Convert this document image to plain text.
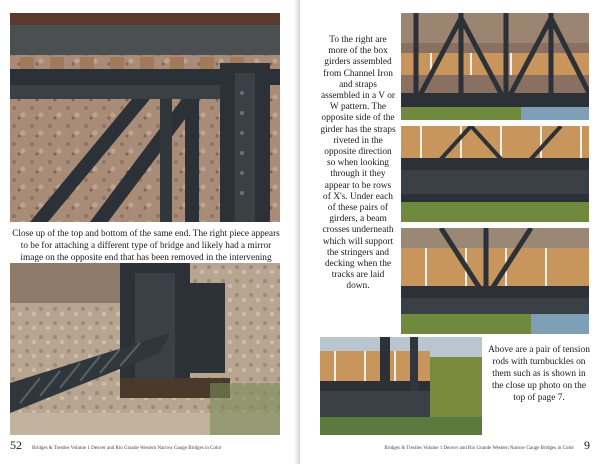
Close up of the top and bottom of the same end. The right piece appears to be for attaching a different type of bridge and likely had a mirror image on the opposite end that has been removed in the intervening
52 Bridges & Trestles Volume 1 Denver and Rio Grande Western Narrow Gauge Bridges in Color
To the right are more of the box girders assembled from Channel Iron and straps assembled in a V or W pattern. The opposite side of the girder has the straps riveted in the opposite direction so when looking through it they appear to be rows of X's. Under each of these pairs of girders, a beam crosses underneath which will support the stringers and decking when the tracks are laid down.
Above are a pair of tension rods with turnbuckles on them such as is shown in the close up photo on the top of page 7.
Bridges & Trestles Volume 1 Denver and Rio Grande Western Narrow Gauge Bridges in Color 9
